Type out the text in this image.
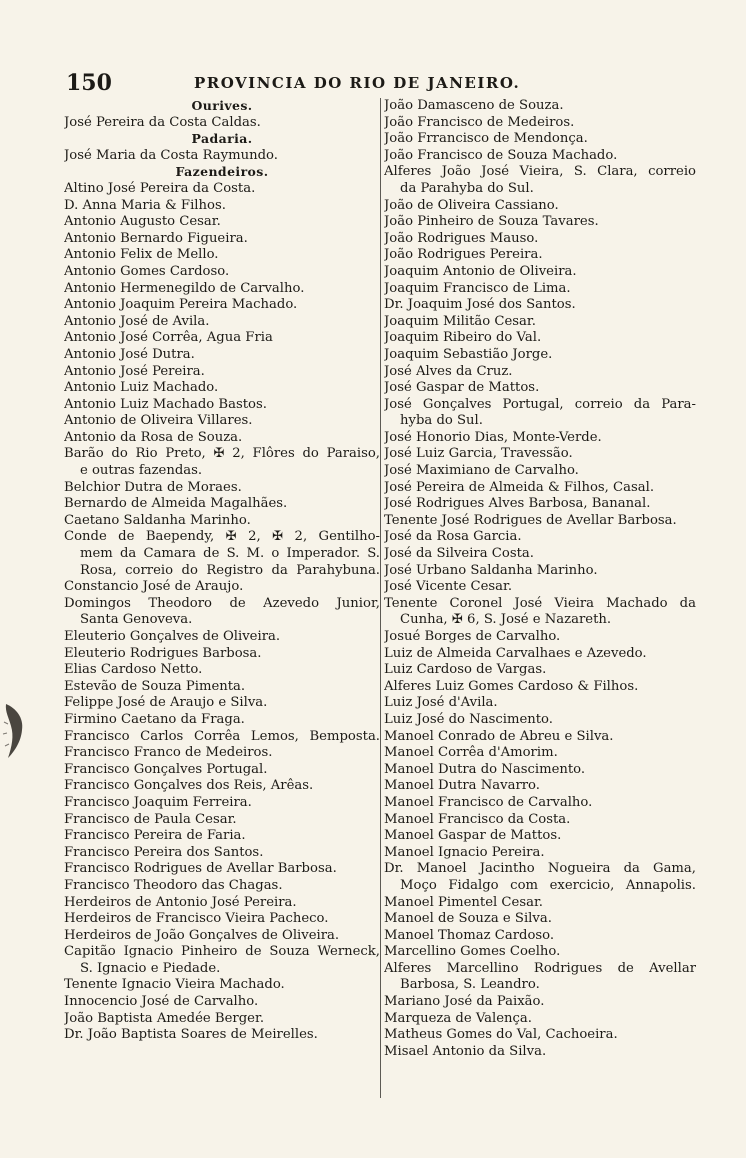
150	PROVINCIA DO RIO DE JANEIRO.
Ourives.
José Pereira da Costa Caldas.
Padaria.
José Maria da Costa Raymundo.
Fazendeiros.
Altino José Pereira da Costa.
D. Anna Maria & Filhos.
Antonio Augusto Cesar.
Antonio Bernardo Figueira.
Antonio Felix de Mello.
Antonio Gomes Cardoso.
Antonio Hermenegildo de Carvalho.
Antonio Joaquim Pereira Machado.
Antonio José de Avila.
Antonio José Corrêa, Agua Fria
Antonio José Dutra.
Antonio José Pereira.
Antonio Luiz Machado.
Antonio Luiz Machado Bastos.
Antonio de Oliveira Villares.
Antonio da Rosa de Souza.
Barão do Rio Preto, ✠ 2, Flôres do Paraiso,
e outras fazendas.
Belchior Dutra de Moraes.
Bernardo de Almeida Magalhães.
Caetano Saldanha Marinho.
Conde de Baependy, ✠ 2, ✠ 2, Gentilho-
mem da Camara de S. M. o Imperador. S.
Rosa, correio do Registro da Parahybuna.
Constancio José de Araujo.
Domingos Theodoro de Azevedo Junior,
Santa Genoveva.
Eleuterio Gonçalves de Oliveira.
Eleuterio Rodrigues Barbosa.
Elias Cardoso Netto.
Estevão de Souza Pimenta.
Felippe José de Araujo e Silva.
Firmino Caetano da Fraga.
Francisco Carlos Corrêa Lemos, Bemposta.
Francisco Franco de Medeiros.
Francisco Gonçalves Portugal.
Francisco Gonçalves dos Reis, Arêas.
Francisco Joaquim Ferreira.
Francisco de Paula Cesar.
Francisco Pereira de Faria.
Francisco Pereira dos Santos.
Francisco Rodrigues de Avellar Barbosa.
Francisco Theodoro das Chagas.
Herdeiros de Antonio José Pereira.
Herdeiros de Francisco Vieira Pacheco.
Herdeiros de João Gonçalves de Oliveira.
Capitão Ignacio Pinheiro de Souza Werneck,
S. Ignacio e Piedade.
Tenente Ignacio Vieira Machado.
Innocencio José de Carvalho.
João Baptista Amedée Berger.
Dr. João Baptista Soares de Meirelles.
João Damasceno de Souza.
João Francisco de Medeiros.
João Frrancisco de Mendonça.
João Francisco de Souza Machado.
Alferes João José Vieira, S. Clara, correio
da Parahyba do Sul.
João de Oliveira Cassiano.
João Pinheiro de Souza Tavares.
João Rodrigues Mauso.
João Rodrigues Pereira.
Joaquim Antonio de Oliveira.
Joaquim Francisco de Lima.
Dr. Joaquim José dos Santos.
Joaquim Militão Cesar.
Joaquim Ribeiro do Val.
Joaquim Sebastião Jorge.
José Alves da Cruz.
José Gaspar de Mattos.
José Gonçalves Portugal, correio da Para-
hyba do Sul.
José Honorio Dias, Monte-Verde.
José Luiz Garcia, Travessão.
José Maximiano de Carvalho.
José Pereira de Almeida & Filhos, Casal.
José Rodrigues Alves Barbosa, Bananal.
Tenente José Rodrigues de Avellar Barbosa.
José da Rosa Garcia.
José da Silveira Costa.
José Urbano Saldanha Marinho.
José Vicente Cesar.
Tenente Coronel José Vieira Machado da
Cunha, ✠ 6, S. José e Nazareth.
Josué Borges de Carvalho.
Luiz de Almeida Carvalhaes e Azevedo.
Luiz Cardoso de Vargas.
Alferes Luiz Gomes Cardoso & Filhos.
Luiz José d'Avila.
Luiz José do Nascimento.
Manoel Conrado de Abreu e Silva.
Manoel Corrêa d'Amorim.
Manoel Dutra do Nascimento.
Manoel Dutra Navarro.
Manoel Francisco de Carvalho.
Manoel Francisco da Costa.
Manoel Gaspar de Mattos.
Manoel Ignacio Pereira.
Dr. Manoel Jacintho Nogueira da Gama,
Moço Fidalgo com exercicio, Annapolis.
Manoel Pimentel Cesar.
Manoel de Souza e Silva.
Manoel Thomaz Cardoso.
Marcellino Gomes Coelho.
Alferes Marcellino Rodrigues de Avellar
Barbosa, S. Leandro.
Mariano José da Paixão.
Marqueza de Valença.
Matheus Gomes do Val, Cachoeira.
Misael Antonio da Silva.
